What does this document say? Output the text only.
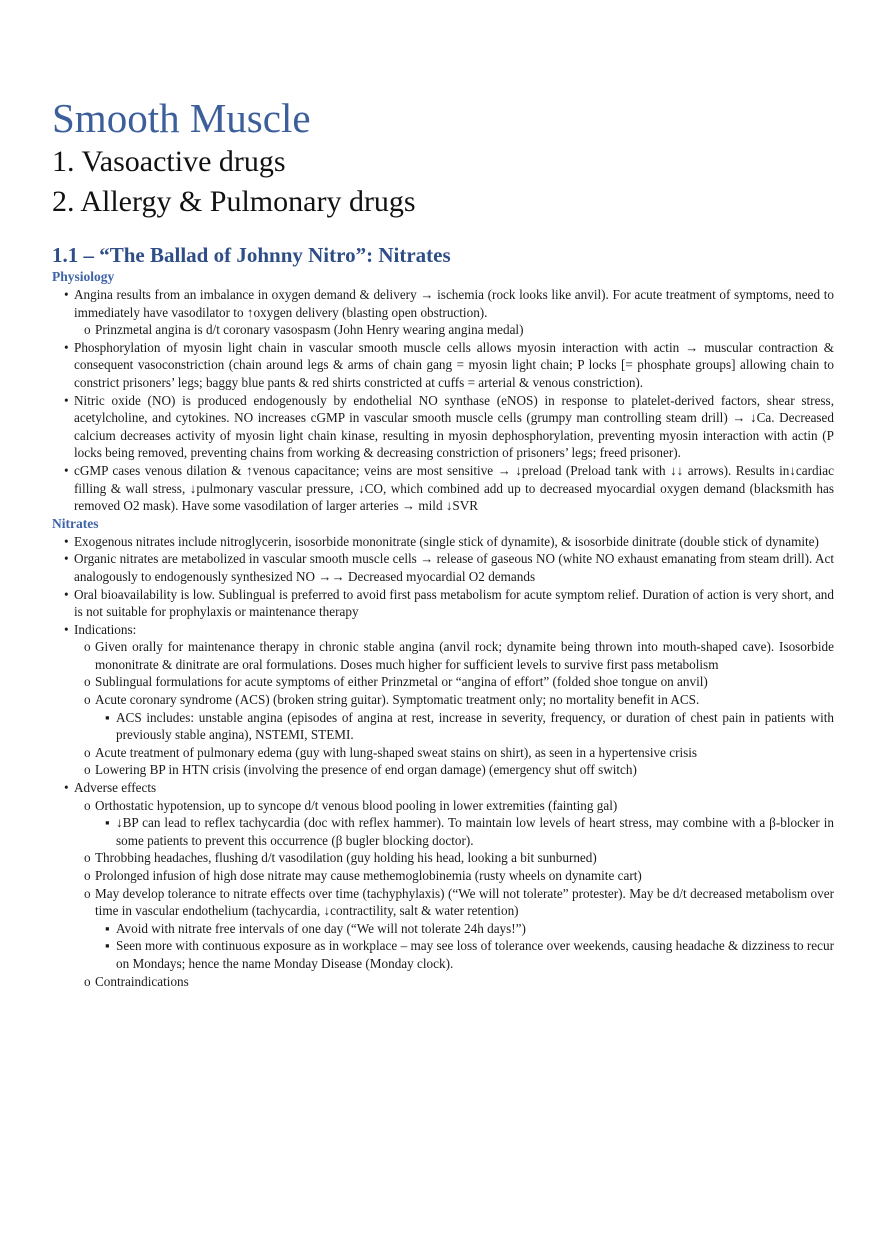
Smooth Muscle
1. Vasoactive drugs
2. Allergy & Pulmonary drugs
1.1 – “The Ballad of Johnny Nitro”: Nitrates
Physiology
• Angina results from an imbalance in oxygen demand & delivery → ischemia (rock looks like anvil). For acute treatment of symptoms, need to immediately have vasodilator to ↑oxygen delivery (blasting open obstruction).
o Prinzmetal angina is d/t coronary vasospasm (John Henry wearing angina medal)
• Phosphorylation of myosin light chain in vascular smooth muscle cells allows myosin interaction with actin → muscular contraction & consequent vasoconstriction (chain around legs & arms of chain gang = myosin light chain; P locks [= phosphate groups] allowing chain to constrict prisoners’ legs; baggy blue pants & red shirts constricted at cuffs = arterial & venous constriction).
• Nitric oxide (NO) is produced endogenously by endothelial NO synthase (eNOS) in response to platelet-derived factors, shear stress, acetylcholine, and cytokines. NO increases cGMP in vascular smooth muscle cells (grumpy man controlling steam drill) → ↓Ca. Decreased calcium decreases activity of myosin light chain kinase, resulting in myosin dephosphorylation, preventing myosin interaction with actin (P locks being removed, preventing chains from working & decreasing constriction of prisoners’ legs; freed prisoner).
• cGMP cases venous dilation & ↑venous capacitance; veins are most sensitive → ↓preload (Preload tank with ↓↓ arrows). Results in↓cardiac filling & wall stress, ↓pulmonary vascular pressure, ↓CO, which combined add up to decreased myocardial oxygen demand (blacksmith has removed O2 mask). Have some vasodilation of larger arteries → mild ↓SVR
Nitrates
• Exogenous nitrates include nitroglycerin, isosorbide mononitrate (single stick of dynamite), & isosorbide dinitrate (double stick of dynamite)
• Organic nitrates are metabolized in vascular smooth muscle cells → release of gaseous NO (white NO exhaust emanating from steam drill). Act analogously to endogenously synthesized NO →→ Decreased myocardial O2 demands
• Oral bioavailability is low. Sublingual is preferred to avoid first pass metabolism for acute symptom relief. Duration of action is very short, and is not suitable for prophylaxis or maintenance therapy
• Indications:
o Given orally for maintenance therapy in chronic stable angina (anvil rock; dynamite being thrown into mouth-shaped cave). Isosorbide mononitrate & dinitrate are oral formulations. Doses much higher for sufficient levels to survive first pass metabolism
o Sublingual formulations for acute symptoms of either Prinzmetal or “angina of effort” (folded shoe tongue on anvil)
o Acute coronary syndrome (ACS) (broken string guitar). Symptomatic treatment only; no mortality benefit in ACS.
▪ ACS includes: unstable angina (episodes of angina at rest, increase in severity, frequency, or duration of chest pain in patients with previously stable angina), NSTEMI, STEMI.
o Acute treatment of pulmonary edema (guy with lung-shaped sweat stains on shirt), as seen in a hypertensive crisis
o Lowering BP in HTN crisis (involving the presence of end organ damage) (emergency shut off switch)
• Adverse effects
o Orthostatic hypotension, up to syncope d/t venous blood pooling in lower extremities (fainting gal)
▪ ↓BP can lead to reflex tachycardia (doc with reflex hammer). To maintain low levels of heart stress, may combine with a β-blocker in some patients to prevent this occurrence (β bugler blocking doctor).
o Throbbing headaches, flushing d/t vasodilation (guy holding his head, looking a bit sunburned)
o Prolonged infusion of high dose nitrate may cause methemoglobinemia (rusty wheels on dynamite cart)
o May develop tolerance to nitrate effects over time (tachyphylaxis) (“We will not tolerate” protester). May be d/t decreased metabolism over time in vascular endothelium (tachycardia, ↓contractility, salt & water retention)
▪ Avoid with nitrate free intervals of one day (“We will not tolerate 24h days!”)
▪ Seen more with continuous exposure as in workplace – may see loss of tolerance over weekends, causing headache & dizziness to recur on Mondays; hence the name Monday Disease (Monday clock).
o Contraindications
